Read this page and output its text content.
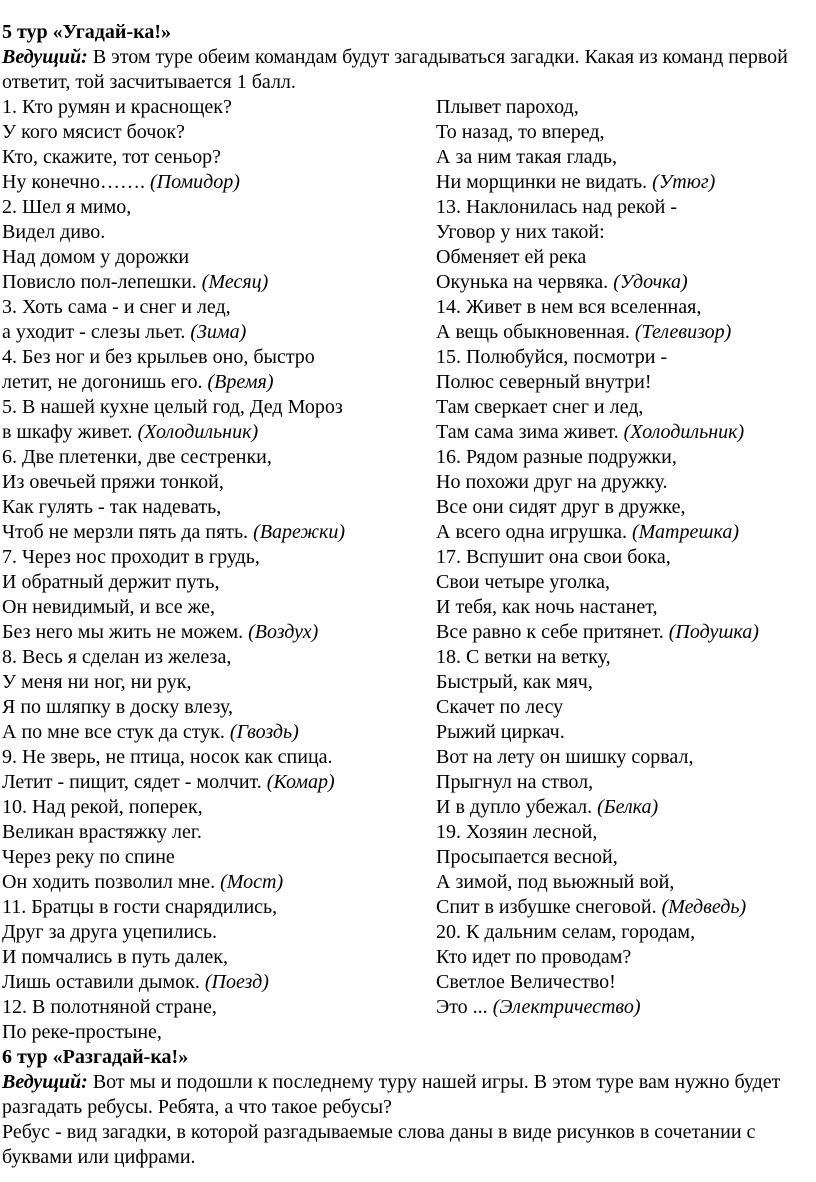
5 тур «Угадай-ка!»
Ведущий: В этом туре обеим командам будут загадываться загадки. Какая из команд первой ответит, той засчитывается 1 балл.
1. Кто румян и краснощек?
У кого мясист бочок?
Кто, скажите, тот сеньор?
Ну конечно……. (Помидор)
2. Шел я мимо,
Видел диво.
Над домом у дорожки
Повисло пол-лепешки. (Месяц)
3. Хоть сама - и снег и лед,
а уходит - слезы льет. (Зима)
4. Без ног и без крыльев оно, быстро
летит, не догонишь его. (Время)
5. В нашей кухне целый год, Дед Мороз
в шкафу живет. (Холодильник)
6. Две плетенки, две сестренки,
Из овечьей пряжи тонкой,
Как гулять - так надевать,
Чтоб не мерзли пять да пять. (Варежки)
7. Через нос проходит в грудь,
И обратный держит путь,
Он невидимый, и все же,
Без него мы жить не можем. (Воздух)
8. Весь я сделан из железа,
У меня ни ног, ни рук,
Я по шляпку в доску влезу,
А по мне все стук да стук. (Гвоздь)
9. Не зверь, не птица, носок как спица.
Летит - пищит, сядет - молчит. (Комар)
10. Над рекой, поперек,
Великан врастяжку лег.
Через реку по спине
Он ходить позволил мне. (Мост)
11. Братцы в гости снарядились,
Друг за друга уцепились.
И помчались в путь далек,
Лишь оставили дымок. (Поезд)
12. В полотняной стране,
По реке-простыне,
Плывет пароход,
То назад, то вперед,
А за ним такая гладь,
Ни морщинки не видать. (Утюг)
13. Наклонилась над рекой -
Уговор у них такой:
Обменяет ей река
Окунька на червяка. (Удочка)
14. Живет в нем вся вселенная,
А вещь обыкновенная. (Телевизор)
15. Полюбуйся, посмотри -
Полюс северный внутри!
Там сверкает снег и лед,
Там сама зима живет. (Холодильник)
16. Рядом разные подружки,
Но похожи друг на дружку.
Все они сидят друг в дружке,
А всего одна игрушка. (Матрешка)
17. Вспушит она свои бока,
Свои четыре уголка,
И тебя, как ночь настанет,
Все равно к себе притянет. (Подушка)
18. С ветки на ветку,
Быстрый, как мяч,
Скачет по лесу
Рыжий циркач.
Вот на лету он шишку сорвал,
Прыгнул на ствол,
И в дупло убежал. (Белка)
19. Хозяин лесной,
Просыпается весной,
А зимой, под вьюжный вой,
Спит в избушке снеговой. (Медведь)
20. К дальним селам, городам,
Кто идет по проводам?
Светлое Величество!
Это ... (Электричество)
6 тур «Разгадай-ка!»
Ведущий: Вот мы и подошли к последнему туру нашей игры. В этом туре вам нужно будет разгадать ребусы. Ребята, а что такое ребусы?
Ребус - вид загадки, в которой разгадываемые слова даны в виде рисунков в сочетании с буквами или цифрами.
